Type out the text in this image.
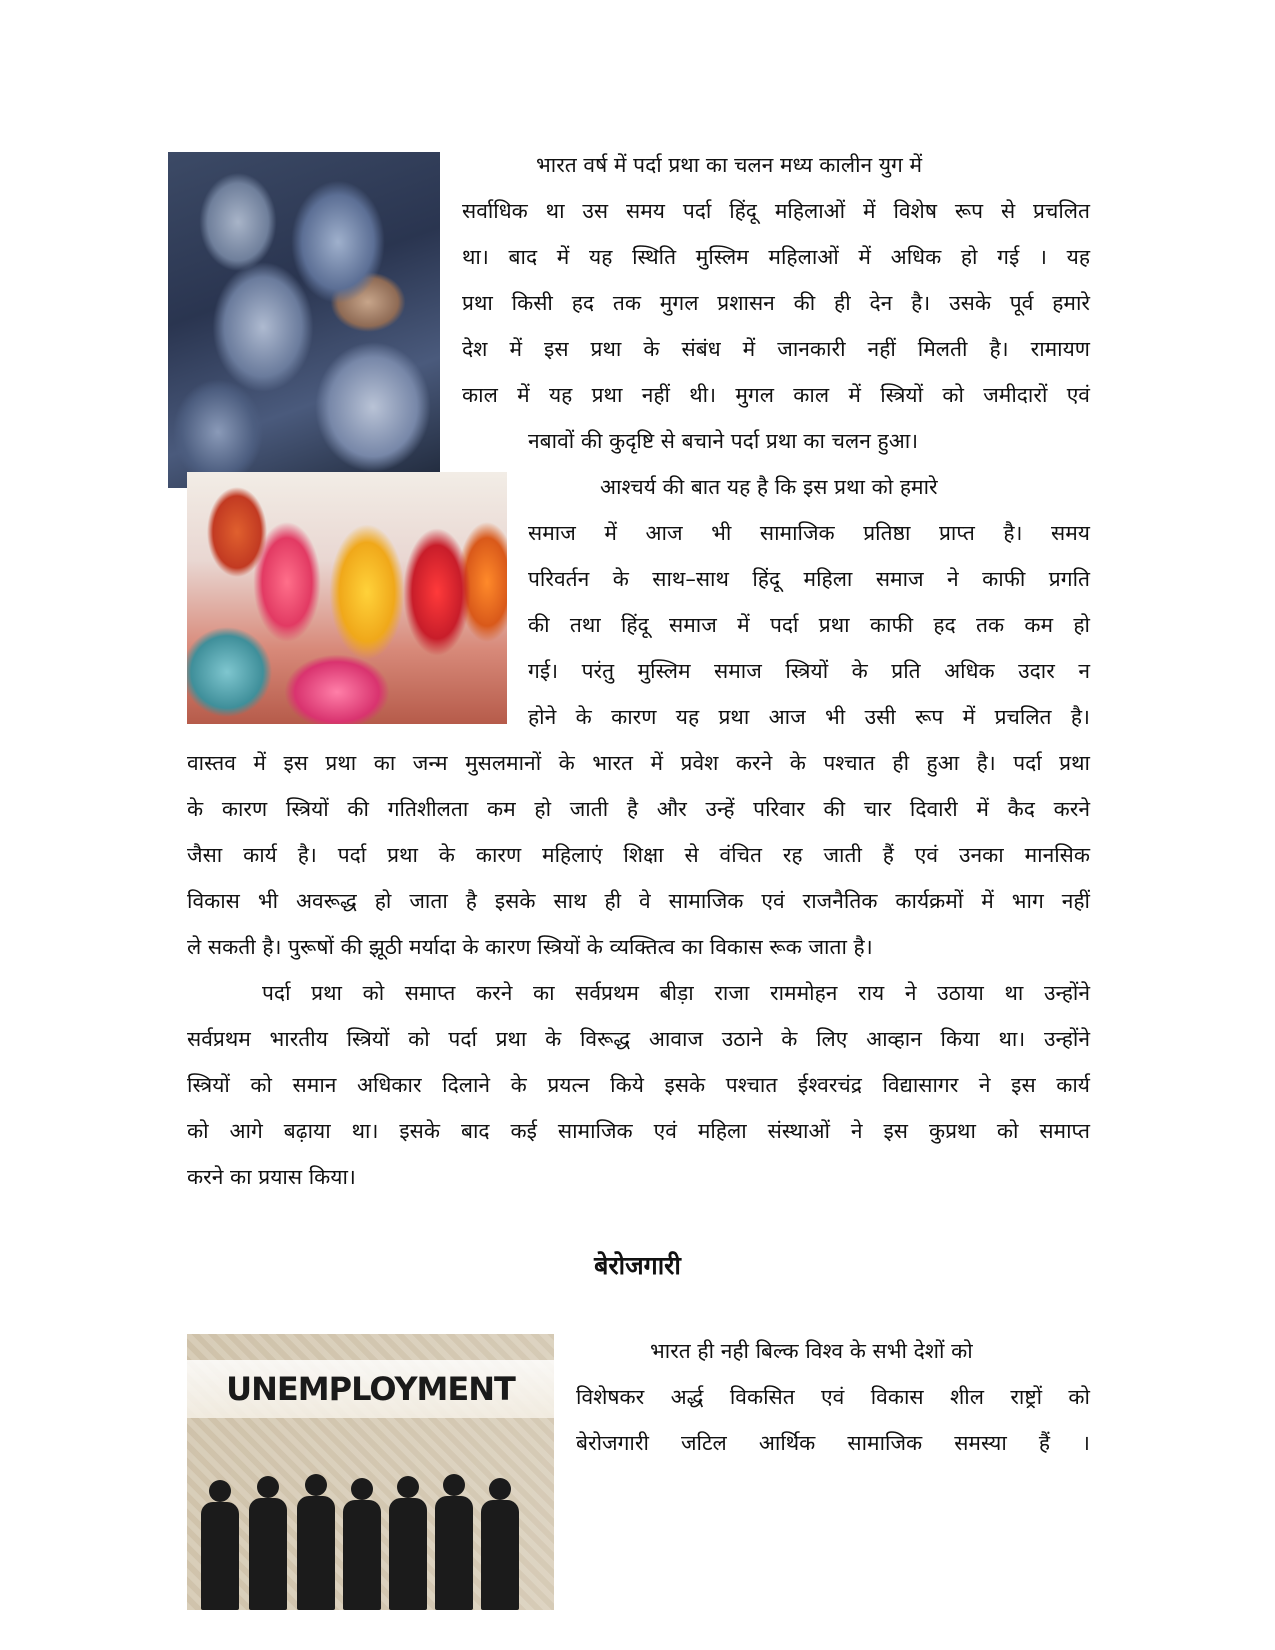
UNEMPLOYMENT
भारत वर्ष में पर्दा प्रथा का चलन मध्य कालीन युग में
सर्वाधिक था उस समय पर्दा हिंदू महिलाओं में विशेष रूप से प्रचलित
था। बाद में यह स्थिति मुस्लिम महिलाओं में अधिक हो गई । यह
प्रथा किसी हद तक मुगल प्रशासन की ही देन है। उसके पूर्व हमारे
देश में इस प्रथा के संबंध में जानकारी नहीं मिलती है। रामायण
काल में यह प्रथा नहीं थी। मुगल काल में स्त्रियों को जमीदारों एवं
नबावों की कुदृष्टि से बचाने पर्दा प्रथा का चलन हुआ।
आश्चर्य की बात यह है कि इस प्रथा को हमारे
समाज में आज भी सामाजिक प्रतिष्ठा प्राप्त है। समय
परिवर्तन के साथ–साथ हिंदू महिला समाज ने काफी प्रगति
की तथा हिंदू समाज में पर्दा प्रथा काफी हद तक कम हो
गई। परंतु मुस्लिम समाज स्त्रियों के प्रति अधिक उदार न
होने के कारण यह प्रथा आज भी उसी रूप में प्रचलित है।
वास्तव में इस प्रथा का जन्म मुसलमानों के भारत में प्रवेश करने के पश्चात ही हुआ है। पर्दा प्रथा
के कारण स्त्रियों की गतिशीलता कम हो जाती है और उन्हें परिवार की चार दिवारी में कैद करने
जैसा कार्य है। पर्दा प्रथा के कारण महिलाएं शिक्षा से वंचित रह जाती हैं एवं उनका मानसिक
विकास भी अवरूद्ध हो जाता है इसके साथ ही वे सामाजिक एवं राजनैतिक कार्यक्रमों में भाग नहीं
ले सकती है। पुरूषों की झूठी मर्यादा के कारण स्त्रियों के व्यक्तित्व का विकास रूक जाता है।
पर्दा प्रथा को समाप्त करने का सर्वप्रथम बीड़ा राजा राममोहन राय ने उठाया था उन्होंने
सर्वप्रथम भारतीय स्त्रियों को पर्दा प्रथा के विरूद्ध आवाज उठाने के लिए आव्हान किया था। उन्होंने
स्त्रियों को समान अधिकार दिलाने के प्रयत्न किये इसके पश्चात ईश्वरचंद्र विद्यासागर ने इस कार्य
को आगे बढ़ाया था। इसके बाद कई सामाजिक एवं महिला संस्थाओं ने इस कुप्रथा को समाप्त
करने का प्रयास किया।
बेरोजगारी
भारत ही नही बिल्क विश्व के सभी देशों को
विशेषकर अर्द्ध विकसित एवं विकास शील राष्ट्रों को
बेरोजगारी जटिल आर्थिक सामाजिक समस्या हैं ।
